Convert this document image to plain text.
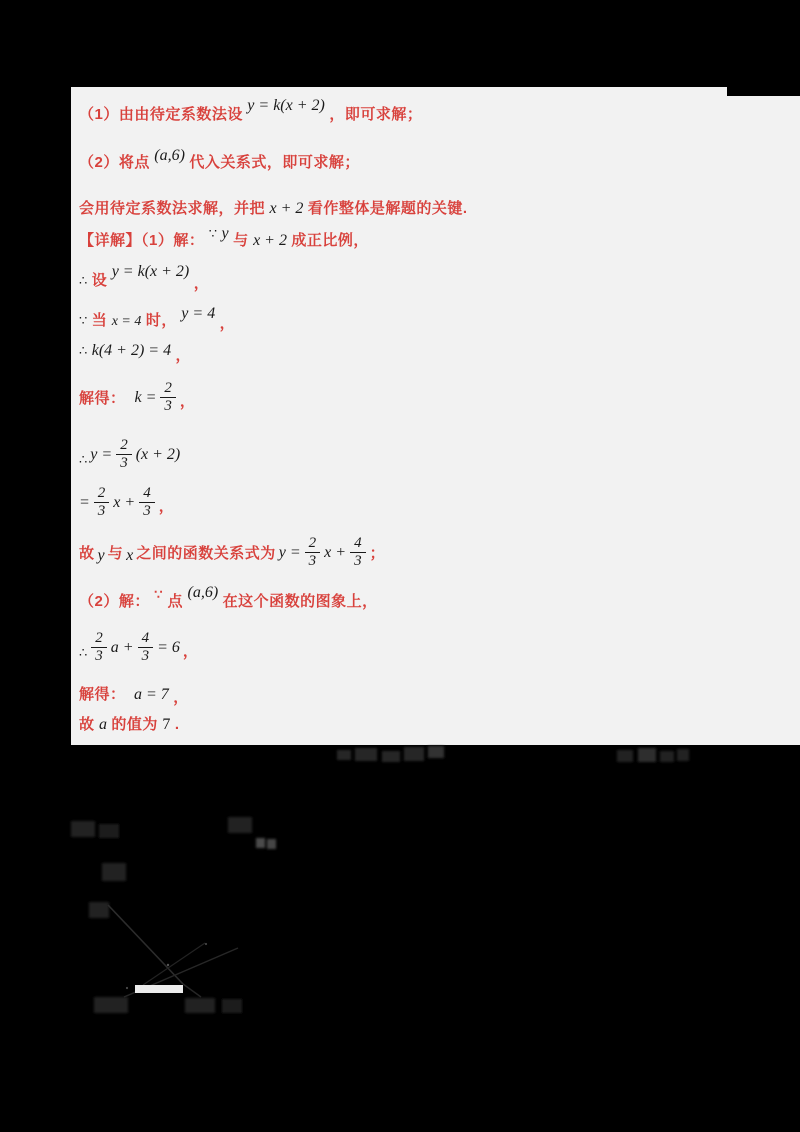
（1）由由待定系数法设 y = k(x + 2) ，即可求解；
（2）将点 (a,6) 代入关系式，即可求解；
会用待定系数法求解，并把 x + 2 看作整体是解题的关键.
【详解】（1）解： ∵ y 与 x + 2 成正比例，
∴ 设 y = k(x + 2) ，
∵ 当 x = 4 时， y = 4 ，
∴ k(4 + 2) = 4 ，
解得： $k = \frac{2}{3}$ ，
∴ $y = \frac{2}{3} (x + 2)$
= $\frac{2}{3}$ $x + \frac{4}{3}$ ，
故 y 与 x 之间的函数关系式为 $y = \frac{2}{3}$ $x + \frac{4}{3}$ ；
（2）解： ∵ 点 (a,6) 在这个函数的图象上，
∴ $\frac{2}{3}$ $a + \frac{4}{3} = 6$ ，
解得： a = 7 ，
故 a 的值为 7 .
